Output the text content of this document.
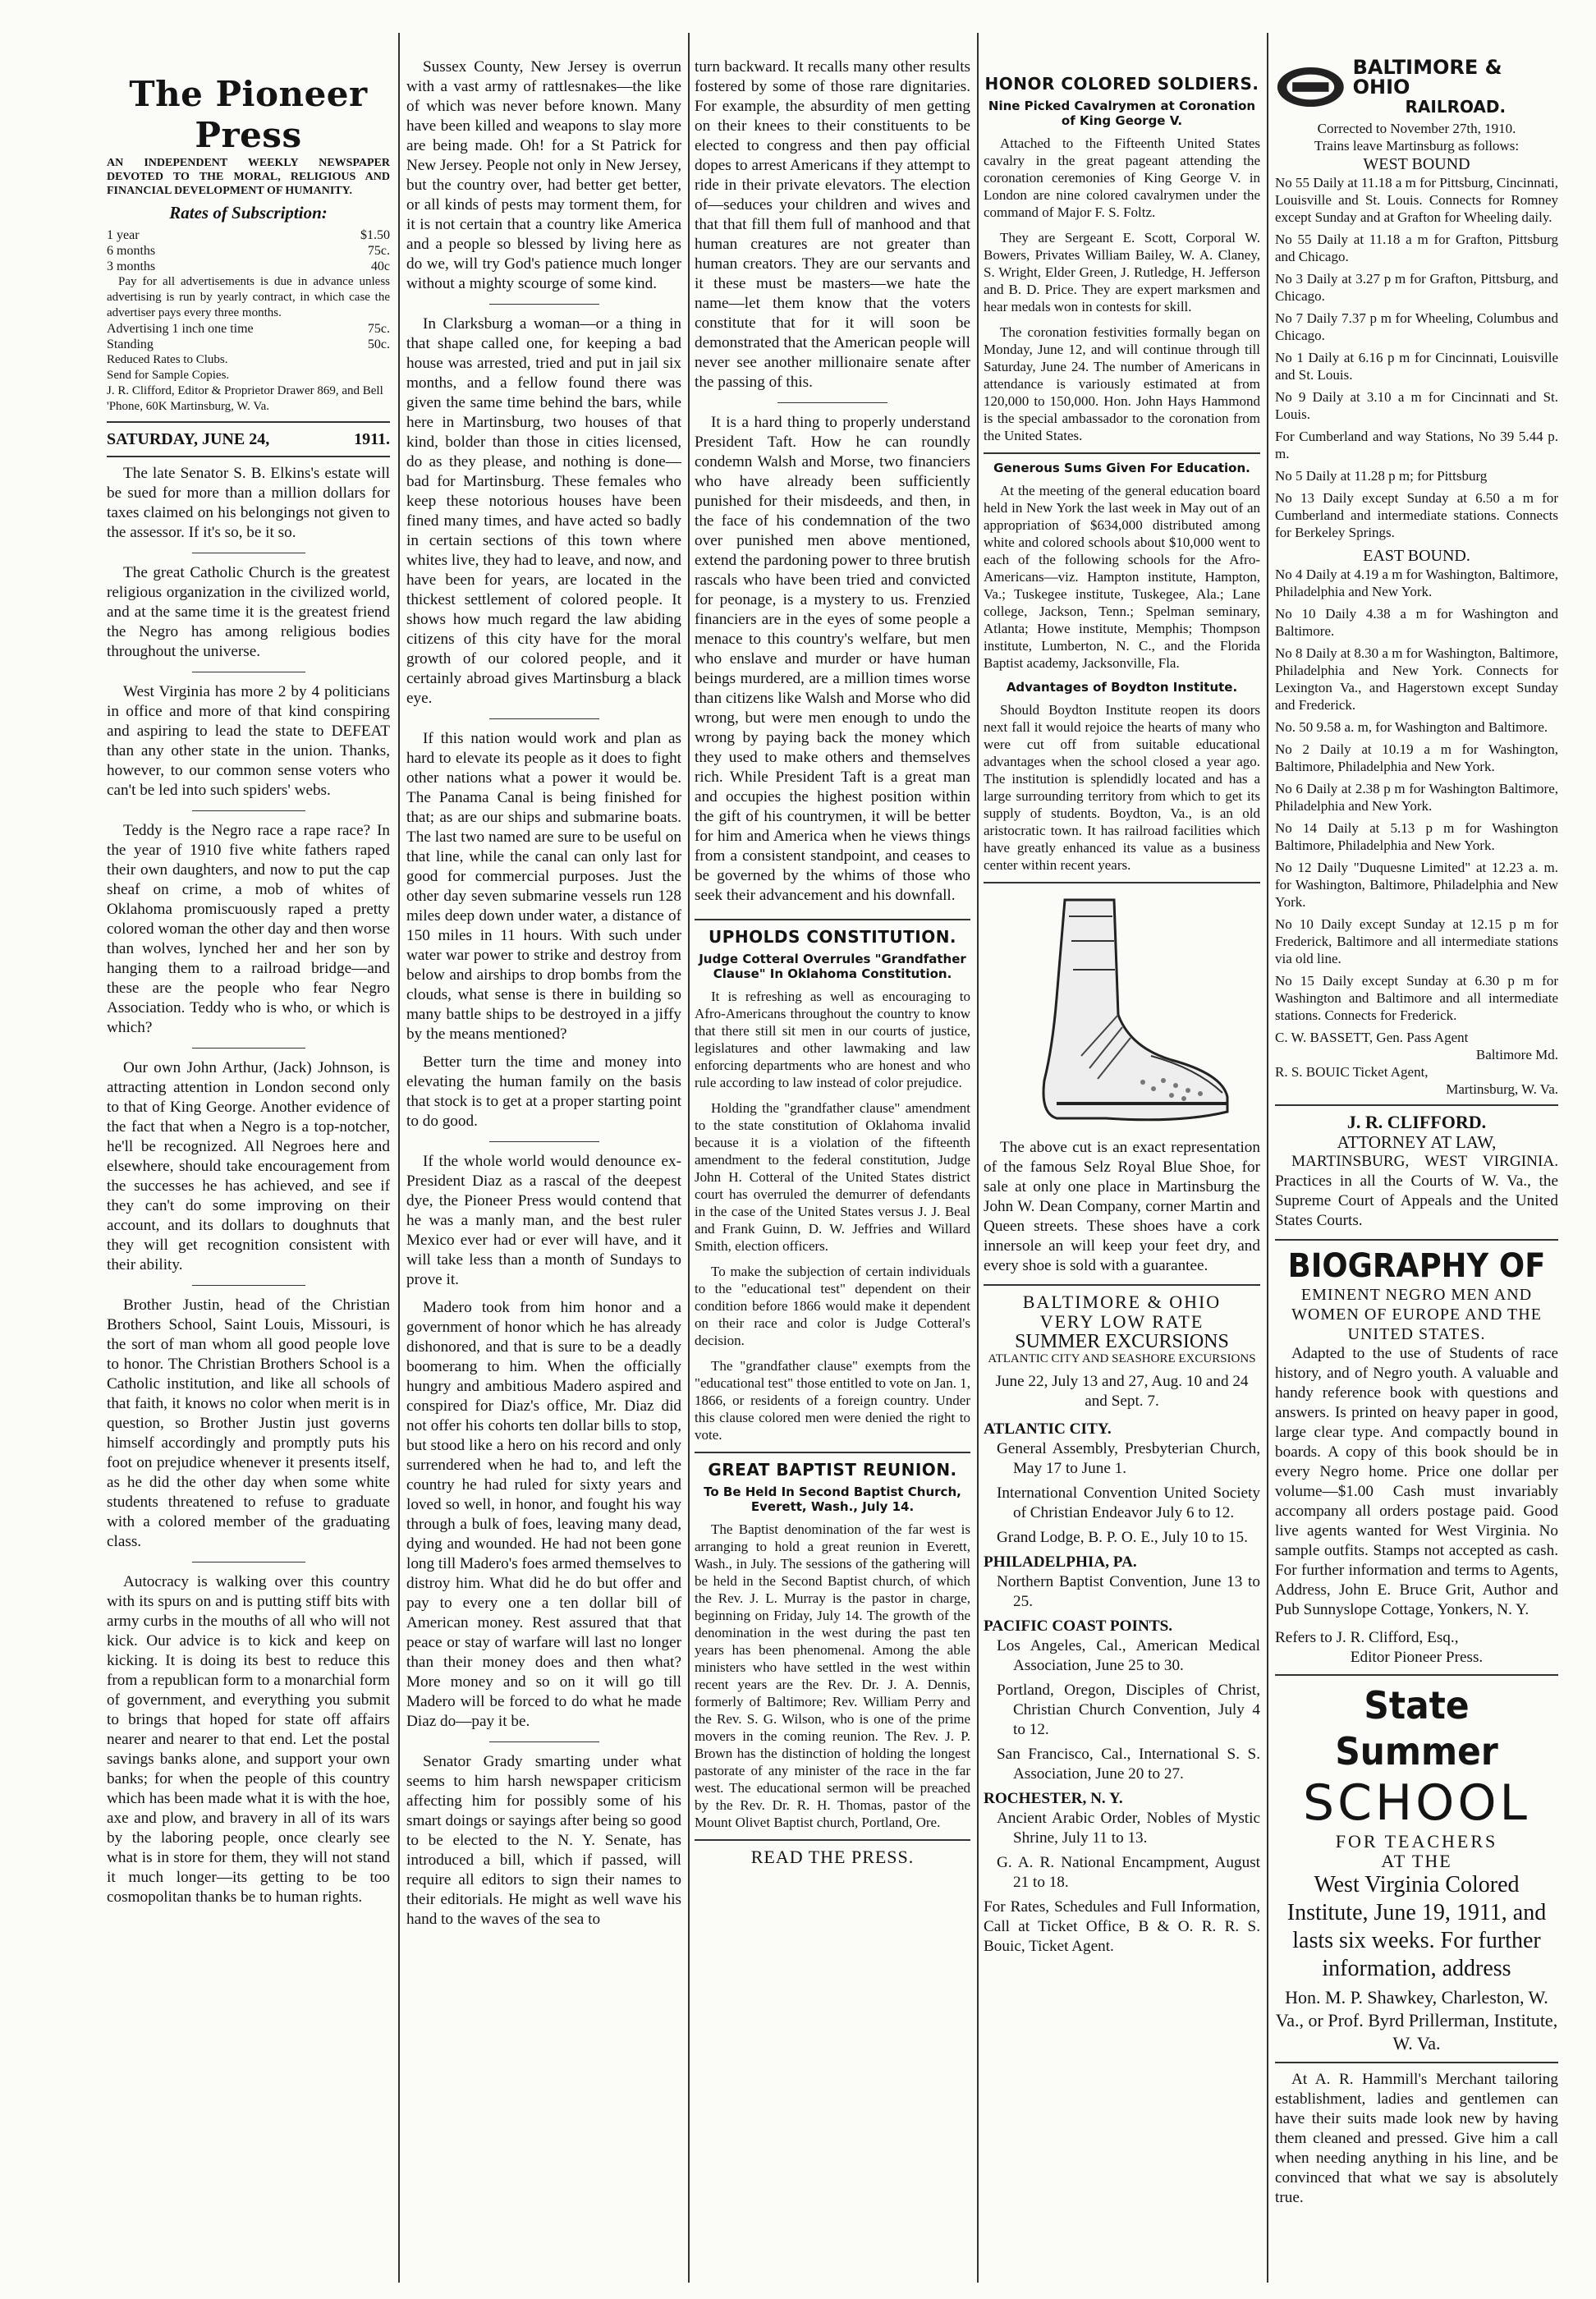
The Pioneer Press
AN INDEPENDENT WEEKLY NEWSPAPER DEVOTED TO THE MORAL, RELIGIOUS AND FINANCIAL DEVELOPMENT OF HUMANITY.
Rates of Subscription:
1 year	$1.50
6 months	75c.
3 months	40c
Pay for all advertisements is due in advance unless advertising is run by yearly contract, in which case the advertiser pays every three months.
Advertising 1 inch one time	75c.
Standing	50c.
Reduced Rates to Clubs.
Send for Sample Copies.
J. R. Clifford, Editor & Proprietor Drawer 869, and Bell 'Phone, 60K Martinsburg, W. Va.
SATURDAY, JUNE 24,	1911.

The late Senator S. B. Elkins's estate will be sued for more than a million dollars for taxes claimed on his belongings not given to the assessor. If it's so, be it so.

The great Catholic Church is the greatest religious organization in the civilized world, and at the same time it is the greatest friend the Negro has among religious bodies throughout the universe.

West Virginia has more 2 by 4 politicians in office and more of that kind conspiring and aspiring to lead the state to DEFEAT than any other state in the union. Thanks, however, to our common sense voters who can't be led into such spiders' webs.

Teddy is the Negro race a rape race? In the year of 1910 five white fathers raped their own daughters, and now to put the cap sheaf on crime, a mob of whites of Oklahoma promiscuously raped a pretty colored woman the other day and then worse than wolves, lynched her and her son by hanging them to a railroad bridge—and these are the people who fear Negro Association. Teddy who is who, or which is which?

Our own John Arthur, (Jack) Johnson, is attracting attention in London second only to that of King George. Another evidence of the fact that when a Negro is a top-notcher, he'll be recognized. All Negroes here and elsewhere, should take encouragement from the successes he has achieved, and see if they can't do some improving on their account, and its dollars to doughnuts that they will get recognition consistent with their ability.

Brother Justin, head of the Christian Brothers School, Saint Louis, Missouri, is the sort of man whom all good people love to honor. The Christian Brothers School is a Catholic institution, and like all schools of that faith, it knows no color when merit is in question, so Brother Justin just governs himself accordingly and promptly puts his foot on prejudice whenever it presents itself, as he did the other day when some white students threatened to refuse to graduate with a colored member of the graduating class.

Autocracy is walking over this country with its spurs on and is putting stiff bits with army curbs in the mouths of all who will not kick. Our advice is to kick and keep on kicking. It is doing its best to reduce this from a republican form to a monarchial form of government, and everything you submit to brings that hoped for state off affairs nearer and nearer to that end. Let the postal savings banks alone, and support your own banks; for when the people of this country which has been made what it is with the hoe, axe and plow, and bravery in all of its wars by the laboring people, once clearly see what is in store for them, they will not stand it much longer—its getting to be too cosmopolitan thanks be to human rights.

Sussex County, New Jersey is overrun with a vast army of rattlesnakes—the like of which was never before known. Many have been killed and weapons to slay more are being made. Oh! for a St Patrick for New Jersey. People not only in New Jersey, but the country over, had better get better, or all kinds of pests may torment them, for it is not certain that a country like America and a people so blessed by living here as do we, will try God's patience much longer without a mighty scourge of some kind.

In Clarksburg a woman—or a thing in that shape called one, for keeping a bad house was arrested, tried and put in jail six months, and a fellow found there was given the same time behind the bars, while here in Martinsburg, two houses of that kind, bolder than those in cities licensed, do as they please, and nothing is done—bad for Martinsburg. These females who keep these notorious houses have been fined many times, and have acted so badly in certain sections of this town where whites live, they had to leave, and now, and have been for years, are located in the thickest settlement of colored people. It shows how much regard the law abiding citizens of this city have for the moral growth of our colored people, and it certainly abroad gives Martinsburg a black eye.

If this nation would work and plan as hard to elevate its people as it does to fight other nations what a power it would be. The Panama Canal is being finished for that; as are our ships and submarine boats. The last two named are sure to be useful on that line, while the canal can only last for good for commercial purposes. Just the other day seven submarine vessels run 128 miles deep down under water, a distance of 150 miles in 11 hours. With such under water war power to strike and destroy from below and airships to drop bombs from the clouds, what sense is there in building so many battle ships to be destroyed in a jiffy by the means mentioned?

Better turn the time and money into elevating the human family on the basis that stock is to get at a proper starting point to do good.

If the whole world would denounce ex-President Diaz as a rascal of the deepest dye, the Pioneer Press would contend that he was a manly man, and the best ruler Mexico ever had or ever will have, and it will take less than a month of Sundays to prove it.

Madero took from him honor and a government of honor which he has already dishonored, and that is sure to be a deadly boomerang to him. When the officially hungry and ambitious Madero aspired and conspired for Diaz's office, Mr. Diaz did not offer his cohorts ten dollar bills to stop, but stood like a hero on his record and only surrendered when he had to, and left the country he had ruled for sixty years and loved so well, in honor, and fought his way through a bulk of foes, leaving many dead, dying and wounded. He had not been gone long till Madero's foes armed themselves to distroy him. What did he do but offer and pay to every one a ten dollar bill of American money. Rest assured that that peace or stay of warfare will last no longer than their money does and then what? More money and so on it will go till Madero will be forced to do what he made Diaz do—pay it be.

Senator Grady smarting under what seems to him harsh newspaper criticism affecting him for possibly some of his smart doings or sayings after being so good to be elected to the N. Y. Senate, has introduced a bill, which if passed, will require all editors to sign their names to their editorials. He might as well wave his hand to the waves of the sea to

turn backward. It recalls many other results fostered by some of those rare dignitaries. For example, the absurdity of men getting on their knees to their constituents to be elected to congress and then pay official dopes to arrest Americans if they attempt to ride in their private elevators. The election of—seduces your children and wives and that that fill them full of manhood and that human creatures are not greater than human creators. They are our servants and it these must be masters—we hate the name—let them know that the voters constitute that for it will soon be demonstrated that the American people will never see another millionaire senate after the passing of this.

It is a hard thing to properly understand President Taft. How he can roundly condemn Walsh and Morse, two financiers who have already been sufficiently punished for their misdeeds, and then, in the face of his condemnation of the two over punished men above mentioned, extend the pardoning power to three brutish rascals who have been tried and convicted for peonage, is a mystery to us. Frenzied financiers are in the eyes of some people a menace to this country's welfare, but men who enslave and murder or have human beings murdered, are a million times worse than citizens like Walsh and Morse who did wrong, but were men enough to undo the wrong by paying back the money which they used to make others and themselves rich. While President Taft is a great man and occupies the highest position within the gift of his countrymen, it will be better for him and America when he views things from a consistent standpoint, and ceases to be governed by the whims of those who seek their advancement and his downfall.

UPHOLDS CONSTITUTION.
Judge Cotteral Overrules "Grandfather Clause" In Oklahoma Constitution.

It is refreshing as well as encouraging to Afro-Americans throughout the country to know that there still sit men in our courts of justice, legislatures and other lawmaking and law enforcing departments who are honest and who rule according to law instead of color prejudice.

Holding the "grandfather clause" amendment to the state constitution of Oklahoma invalid because it is a violation of the fifteenth amendment to the federal constitution, Judge John H. Cotteral of the United States district court has overruled the demurrer of defendants in the case of the United States versus J. J. Beal and Frank Guinn, D. W. Jeffries and Willard Smith, election officers.

To make the subjection of certain individuals to the "educational test" dependent on their condition before 1866 would make it dependent on their race and color is Judge Cotteral's decision.

The "grandfather clause" exempts from the "educational test" those entitled to vote on Jan. 1, 1866, or residents of a foreign country. Under this clause colored men were denied the right to vote.

GREAT BAPTIST REUNION.
To Be Held In Second Baptist Church, Everett, Wash., July 14.

The Baptist denomination of the far west is arranging to hold a great reunion in Everett, Wash., in July. The sessions of the gathering will be held in the Second Baptist church, of which the Rev. J. L. Murray is the pastor in charge, beginning on Friday, July 14. The growth of the denomination in the west during the past ten years has been phenomenal. Among the able ministers who have settled in the west within recent years are the Rev. Dr. J. A. Dennis, formerly of Baltimore; Rev. William Perry and the Rev. S. G. Wilson, who is one of the prime movers in the coming reunion. The Rev. J. P. Brown has the distinction of holding the longest pastorate of any minister of the race in the far west. The educational sermon will be preached by the Rev. Dr. R. H. Thomas, pastor of the Mount Olivet Baptist church, Portland, Ore.

READ THE PRESS.
HONOR COLORED SOLDIERS.
Nine Picked Cavalrymen at Coronation of King George V.

Attached to the Fifteenth United States cavalry in the great pageant attending the coronation ceremonies of King George V. in London are nine colored cavalrymen under the command of Major F. S. Foltz.

They are Sergeant E. Scott, Corporal W. Bowers, Privates William Bailey, W. A. Claney, S. Wright, Elder Green, J. Rutledge, H. Jefferson and B. D. Price. They are expert marksmen and hear medals won in contests for skill.

The coronation festivities formally began on Monday, June 12, and will continue through till Saturday, June 24. The number of Americans in attendance is variously estimated at from 120,000 to 150,000. Hon. John Hays Hammond is the special ambassador to the coronation from the United States.

Generous Sums Given For Education.

At the meeting of the general education board held in New York the last week in May out of an appropriation of $634,000 distributed among white and colored schools about $10,000 went to each of the following schools for the Afro-Americans—viz. Hampton institute, Hampton, Va.; Tuskegee institute, Tuskegee, Ala.; Lane college, Jackson, Tenn.; Spelman seminary, Atlanta; Howe institute, Memphis; Thompson institute, Lumberton, N. C., and the Florida Baptist academy, Jacksonville, Fla.

Advantages of Boydton Institute.

Should Boydton Institute reopen its doors next fall it would rejoice the hearts of many who were cut off from suitable educational advantages when the school closed a year ago. The institution is splendidly located and has a large surrounding territory from which to get its supply of students. Boydton, Va., is an old aristocratic town. It has railroad facilities which have greatly enhanced its value as a business center within recent years.

The above cut is an exact representation of the famous Selz Royal Blue Shoe, for sale at only one place in Martinsburg the John W. Dean Company, corner Martin and Queen streets. These shoes have a cork innersole an will keep your feet dry, and every shoe is sold with a guarantee.

BALTIMORE & OHIO
VERY LOW RATE
SUMMER EXCURSIONS
ATLANTIC CITY AND SEASHORE EXCURSIONS

June 22, July 13 and 27, Aug. 10 and 24 and Sept. 7.

ATLANTIC CITY.

General Assembly, Presbyterian Church, May 17 to June 1.

International Convention United Society of Christian Endeavor July 6 to 12.

Grand Lodge, B. P. O. E., July 10 to 15.

PHILADELPHIA, PA.

Northern Baptist Convention, June 13 to 25.

PACIFIC COAST POINTS.

Los Angeles, Cal., American Medical Association, June 25 to 30.

Portland, Oregon, Disciples of Christ, Christian Church Convention, July 4 to 12.

San Francisco, Cal., International S. S. Association, June 20 to 27.

ROCHESTER, N. Y.

Ancient Arabic Order, Nobles of Mystic Shrine, July 11 to 13.

G. A. R. National Encampment, August 21 to 18.

For Rates, Schedules and Full Information, Call at Ticket Office, B & O. R. R. S. Bouic, Ticket Agent.

BALTIMORE & OHIO
RAILROAD.
Corrected to November 27th, 1910.
Trains leave Martinsburg as follows:
WEST BOUND

No 55 Daily at 11.18 a m for Pittsburg, Cincinnati, Louisville and St. Louis. Connects for Romney except Sunday and at Grafton for Wheeling daily.

No 55 Daily at 11.18 a m for Grafton, Pittsburg and Chicago.

No 3 Daily at 3.27 p m for Grafton, Pittsburg, and Chicago.

No 7 Daily 7.37 p m for Wheeling, Columbus and Chicago.

No 1 Daily at 6.16 p m for Cincinnati, Louisville and St. Louis.

No 9 Daily at 3.10 a m for Cincinnati and St. Louis.

For Cumberland and way Stations, No 39 5.44 p. m.

No 5 Daily at 11.28 p m; for Pittsburg

No 13 Daily except Sunday at 6.50 a m for Cumberland and intermediate stations. Connects for Berkeley Springs.

EAST BOUND.

No 4 Daily at 4.19 a m for Washington, Baltimore, Philadelphia and New York.

No 10 Daily 4.38 a m for Washington and Baltimore.

No 8 Daily at 8.30 a m for Washington, Baltimore, Philadelphia and New York. Connects for Lexington Va., and Hagerstown except Sunday and Frederick.

No. 50 9.58 a. m, for Washington and Baltimore.

No 2 Daily at 10.19 a m for Washington, Baltimore, Philadelphia and New York.

No 6 Daily at 2.38 p m for Washington Baltimore, Philadelphia and New York.

No 14 Daily at 5.13 p m for Washington Baltimore, Philadelphia and New York.

No 12 Daily "Duquesne Limited" at 12.23 a. m. for Washington, Baltimore, Philadelphia and New York.

No 10 Daily except Sunday at 12.15 p m for Frederick, Baltimore and all intermediate stations via old line.

No 15 Daily except Sunday at 6.30 p m for Washington and Baltimore and all intermediate stations. Connects for Frederick.

C. W. BASSETT, Gen. Pass Agent
Baltimore Md.
R. S. BOUIC Ticket Agent,
Martinsburg, W. Va.
J. R. CLIFFORD.
ATTORNEY AT LAW,

MARTINSBURG, WEST VIRGINIA. Practices in all the Courts of W. Va., the Supreme Court of Appeals and the United States Courts.

BIOGRAPHY OF
EMINENT NEGRO MEN AND WOMEN OF EUROPE AND THE UNITED STATES.

Adapted to the use of Students of race history, and of Negro youth. A valuable and handy reference book with questions and answers. Is printed on heavy paper in good, large clear type. And compactly bound in boards. A copy of this book should be in every Negro home. Price one dollar per volume—$1.00 Cash must invariably accompany all orders postage paid. Good live agents wanted for West Virginia. No sample outfits. Stamps not accepted as cash. For further information and terms to Agents, Address, John E. Bruce Grit, Author and Pub Sunnyslope Cottage, Yonkers, N. Y.

Refers to J. R. Clifford, Esq.,
Editor Pioneer Press.
State Summer
SCHOOL
FOR TEACHERS
AT THE
West Virginia Colored Institute, June 19, 1911, and lasts six weeks. For further information, address
Hon. M. P. Shawkey, Charleston, W. Va., or Prof. Byrd Prillerman, Institute, W. Va.

At A. R. Hammill's Merchant tailoring establishment, ladies and gentlemen can have their suits made look new by having them cleaned and pressed. Give him a call when needing anything in his line, and be convinced that what we say is absolutely true.
